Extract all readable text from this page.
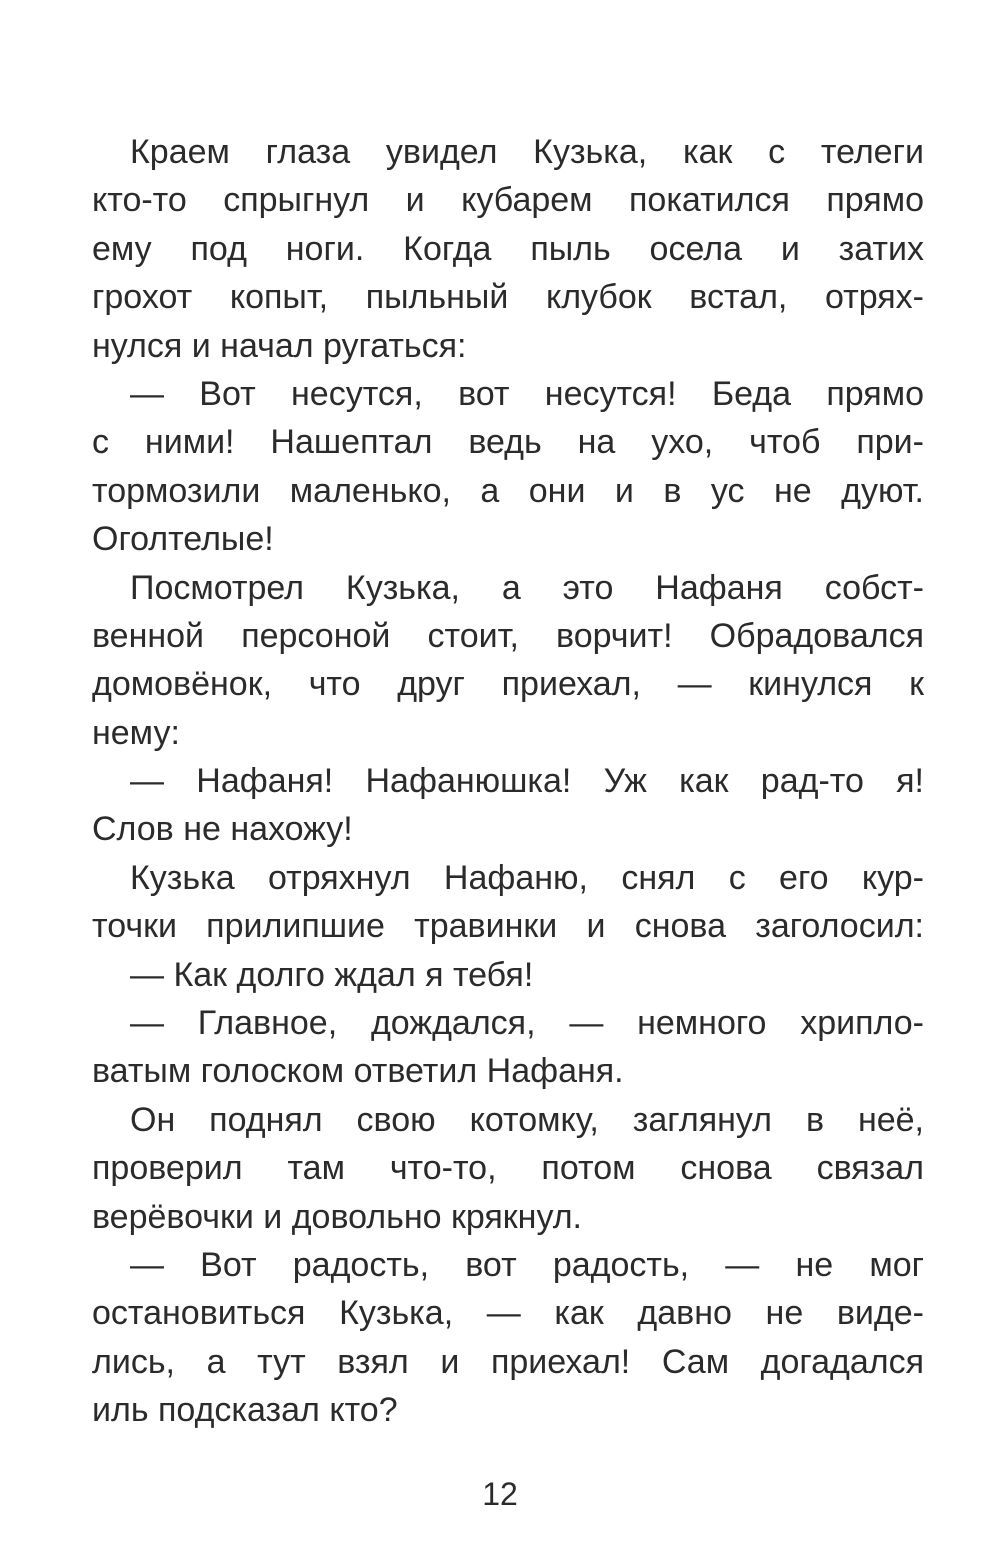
Краем глаза увидел Кузька, как с телеги
кто-то спрыгнул и кубарем покатился прямо
ему под ноги. Когда пыль осела и затих
грохот копыт, пыльный клубок встал, отрях-
нулся и начал ругаться:
— Вот несутся, вот несутся! Беда прямо
с ними! Нашептал ведь на ухо, чтоб при-
тормозили маленько, а они и в ус не дуют.
Оголтелые!
Посмотрел Кузька, а это Нафаня собст-
венной персоной стоит, ворчит! Обрадовался
домовёнок, что друг приехал, — кинулся к
нему:
— Нафаня! Нафанюшка! Уж как рад-то я!
Слов не нахожу!
Кузька отряхнул Нафаню, снял с его кур-
точки прилипшие травинки и снова заголосил:
— Как долго ждал я тебя!
— Главное, дождался, — немного хрипло-
ватым голоском ответил Нафаня.
Он поднял свою котомку, заглянул в неё,
проверил там что-то, потом снова связал
верёвочки и довольно крякнул.
— Вот радость, вот радость, — не мог
остановиться Кузька, — как давно не виде-
лись, а тут взял и приехал! Сам догадался
иль подсказал кто?
12
